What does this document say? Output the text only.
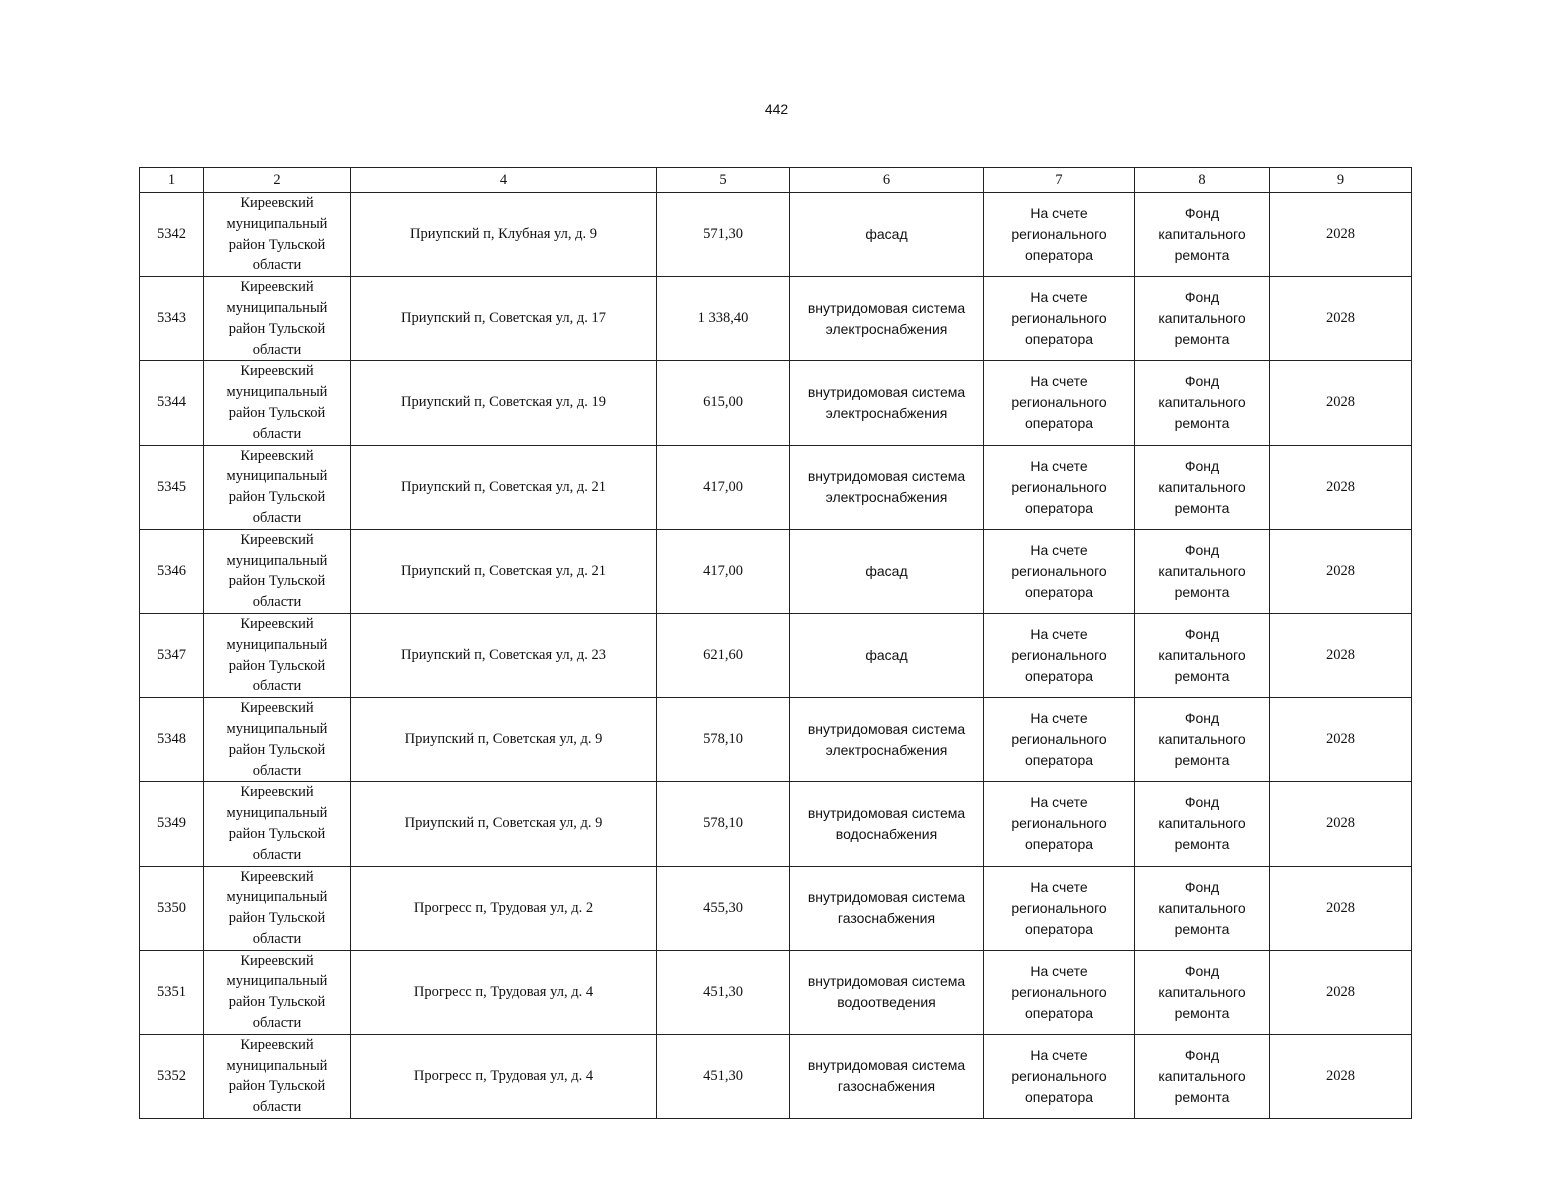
442
1	2	4	5	6	7	8	9
5342	Киреевский муниципальный район Тульской области	Приупский п, Клубная ул, д. 9	571,30	фасад	На счете
регионального
оператора	Фонд
капитального
ремонта	2028
5343	Киреевский муниципальный район Тульской области	Приупский п, Советская ул, д. 17	1 338,40	внутридомовая система
электроснабжения	На счете
регионального
оператора	Фонд
капитального
ремонта	2028
5344	Киреевский муниципальный район Тульской области	Приупский п, Советская ул, д. 19	615,00	внутридомовая система
электроснабжения	На счете
регионального
оператора	Фонд
капитального
ремонта	2028
5345	Киреевский муниципальный район Тульской области	Приупский п, Советская ул, д. 21	417,00	внутридомовая система
электроснабжения	На счете
регионального
оператора	Фонд
капитального
ремонта	2028
5346	Киреевский муниципальный район Тульской области	Приупский п, Советская ул, д. 21	417,00	фасад	На счете
регионального
оператора	Фонд
капитального
ремонта	2028
5347	Киреевский муниципальный район Тульской области	Приупский п, Советская ул, д. 23	621,60	фасад	На счете
регионального
оператора	Фонд
капитального
ремонта	2028
5348	Киреевский муниципальный район Тульской области	Приупский п, Советская ул, д. 9	578,10	внутридомовая система
электроснабжения	На счете
регионального
оператора	Фонд
капитального
ремонта	2028
5349	Киреевский муниципальный район Тульской области	Приупский п, Советская ул, д. 9	578,10	внутридомовая система
водоснабжения	На счете
регионального
оператора	Фонд
капитального
ремонта	2028
5350	Киреевский муниципальный район Тульской области	Прогресс п, Трудовая ул, д. 2	455,30	внутридомовая система
газоснабжения	На счете
регионального
оператора	Фонд
капитального
ремонта	2028
5351	Киреевский муниципальный район Тульской области	Прогресс п, Трудовая ул, д. 4	451,30	внутридомовая система
водоотведения	На счете
регионального
оператора	Фонд
капитального
ремонта	2028
5352	Киреевский муниципальный район Тульской области	Прогресс п, Трудовая ул, д. 4	451,30	внутридомовая система
газоснабжения	На счете
регионального
оператора	Фонд
капитального
ремонта	2028
